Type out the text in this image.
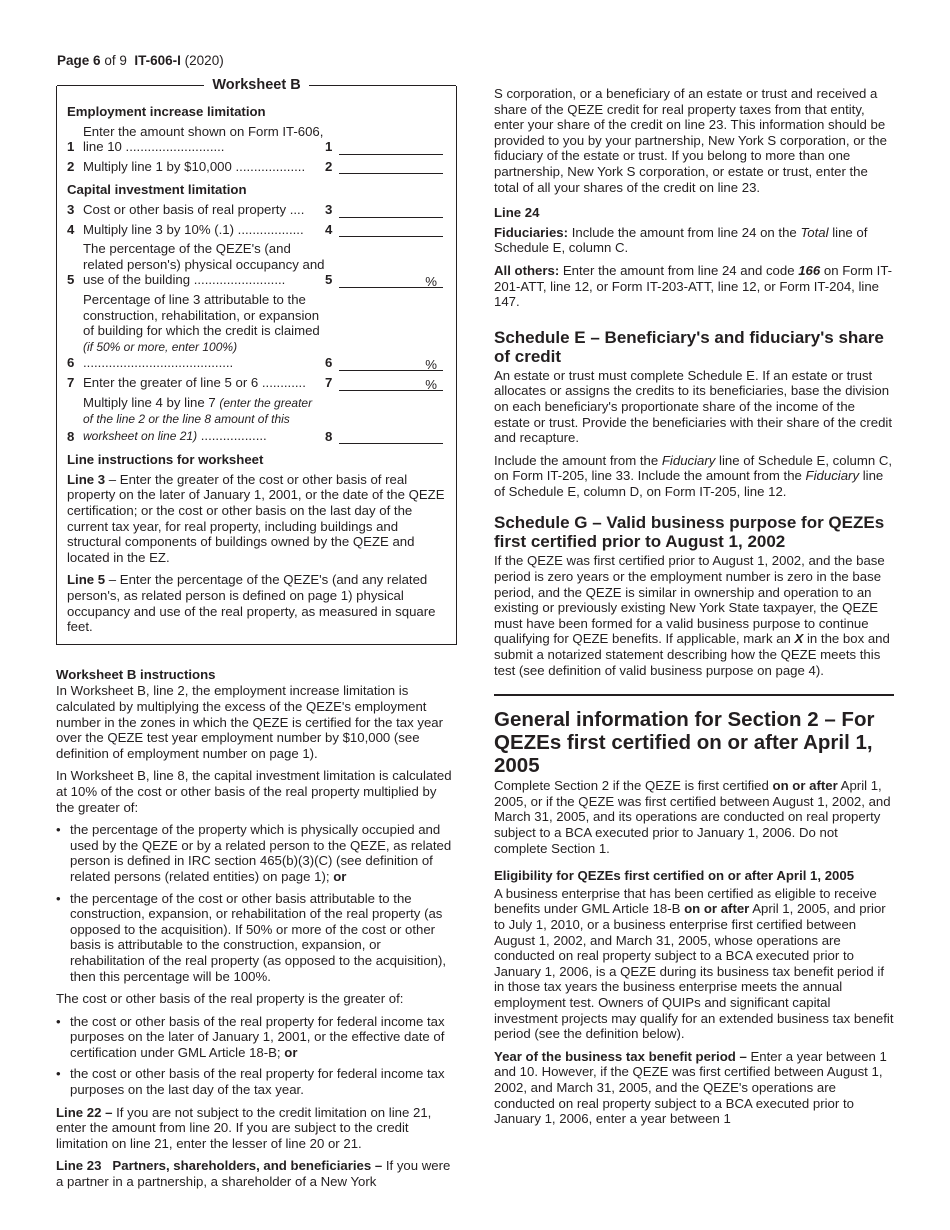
Page 6 of 9 IT-606-I (2020)
Worksheet B
Employment increase limitation
1
Enter the amount shown on Form IT-606, line 10 ...........................	1
2 Multiply line 1 by $10,000 ...................	2
Capital investment limitation
3 Cost or other basis of real property ....	3
4 Multiply line 3 by 10% (.1) ..................	4
5
The percentage of the QEZE's (and related person's) physical occupancy and use of the building .........................	5	%
6
Percentage of line 3 attributable to the construction, rehabilitation, or expansion of building for which the credit is claimed (if 50% or more, enter 100%) .........................................	6	%
7 Enter the greater of line 5 or 6 ............	7	%
8
Multiply line 4 by line 7 (enter the greater of the line 2 or the line 8 amount of this worksheet on line 21) ..................	8
Line instructions for worksheet

Line 3 – Enter the greater of the cost or other basis of real property on the later of January 1, 2001, or the date of the QEZE certification; or the cost or other basis on the last day of the current tax year, for real property, including buildings and structural components of buildings owned by the QEZE and located in the EZ.

Line 5 – Enter the percentage of the QEZE's (and any related person's, as related person is defined on page 1) physical occupancy and use of the real property, as measured in square feet.

Worksheet B instructions

In Worksheet B, line 2, the employment increase limitation is calculated by multiplying the excess of the QEZE's employment number in the zones in which the QEZE is certified for the tax year over the QEZE test year employment number by $10,000 (see definition of employment number on page 1).

In Worksheet B, line 8, the capital investment limitation is calculated at 10% of the cost or other basis of the real property multiplied by the greater of:

• the percentage of the property which is physically occupied and used by the QEZE or by a related person to the QEZE, as related person is defined in IRC section 465(b)(3)(C) (see definition of related persons (related entities) on page 1); or
• the percentage of the cost or other basis attributable to the construction, expansion, or rehabilitation of the real property (as opposed to the acquisition). If 50% or more of the cost or other basis is attributable to the construction, expansion, or rehabilitation of the real property (as opposed to the acquisition), then this percentage will be 100%.

The cost or other basis of the real property is the greater of:

• the cost or other basis of the real property for federal income tax purposes on the later of January 1, 2001, or the effective date of certification under GML Article 18-B; or
• the cost or other basis of the real property for federal income tax purposes on the last day of the tax year.

Line 22 – If you are not subject to the credit limitation on line 21, enter the amount from line 20. If you are subject to the credit limitation on line 21, enter the lesser of line 20 or 21.

Line 23   Partners, shareholders, and beneficiaries – If you were a partner in a partnership, a shareholder of a New York

S corporation, or a beneficiary of an estate or trust and received a share of the QEZE credit for real property taxes from that entity, enter your share of the credit on line 23. This information should be provided to you by your partnership, New York S corporation, or the fiduciary of the estate or trust. If you belong to more than one partnership, New York S corporation, or estate or trust, enter the total of all your shares of the credit on line 23.

Line 24

Fiduciaries: Include the amount from line 24 on the Total line of Schedule E, column C.

All others: Enter the amount from line 24 and code 166 on Form IT-201-ATT, line 12, or Form IT-203-ATT, line 12, or Form IT-204, line 147.

Schedule E – Beneficiary's and fiduciary's share of credit

An estate or trust must complete Schedule E. If an estate or trust allocates or assigns the credits to its beneficiaries, base the division on each beneficiary's proportionate share of the income of the estate or trust. Provide the beneficiaries with their share of the credit and recapture.

Include the amount from the Fiduciary line of Schedule E, column C, on Form IT-205, line 33. Include the amount from the Fiduciary line of Schedule E, column D, on Form IT-205, line 12.

Schedule G – Valid business purpose for QEZEs first certified prior to August 1, 2002

If the QEZE was first certified prior to August 1, 2002, and the base period is zero years or the employment number is zero in the base period, and the QEZE is similar in ownership and operation to an existing or previously existing New York State taxpayer, the QEZE must have been formed for a valid business purpose to continue qualifying for QEZE benefits. If applicable, mark an X in the box and submit a notarized statement describing how the QEZE meets this test (see definition of valid business purpose on page 4).

General information for Section 2 – For QEZEs first certified on or after April 1, 2005

Complete Section 2 if the QEZE is first certified on or after April 1, 2005, or if the QEZE was first certified between August 1, 2002, and March 31, 2005, and its operations are conducted on real property subject to a BCA executed prior to January 1, 2006. Do not complete Section 1.

Eligibility for QEZEs first certified on or after April 1, 2005

A business enterprise that has been certified as eligible to receive benefits under GML Article 18-B on or after April 1, 2005, and prior to July 1, 2010, or a business enterprise first certified between August 1, 2002, and March 31, 2005, whose operations are conducted on real property subject to a BCA executed prior to January 1, 2006, is a QEZE during its business tax benefit period if in those tax years the business enterprise meets the annual employment test. Owners of QUIPs and significant capital investment projects may qualify for an extended business tax benefit period (see the definition below).

Year of the business tax benefit period – Enter a year between 1 and 10. However, if the QEZE was first certified between August 1, 2002, and March 31, 2005, and the QEZE's operations are conducted on real property subject to a BCA executed prior to January 1, 2006, enter a year between 1
